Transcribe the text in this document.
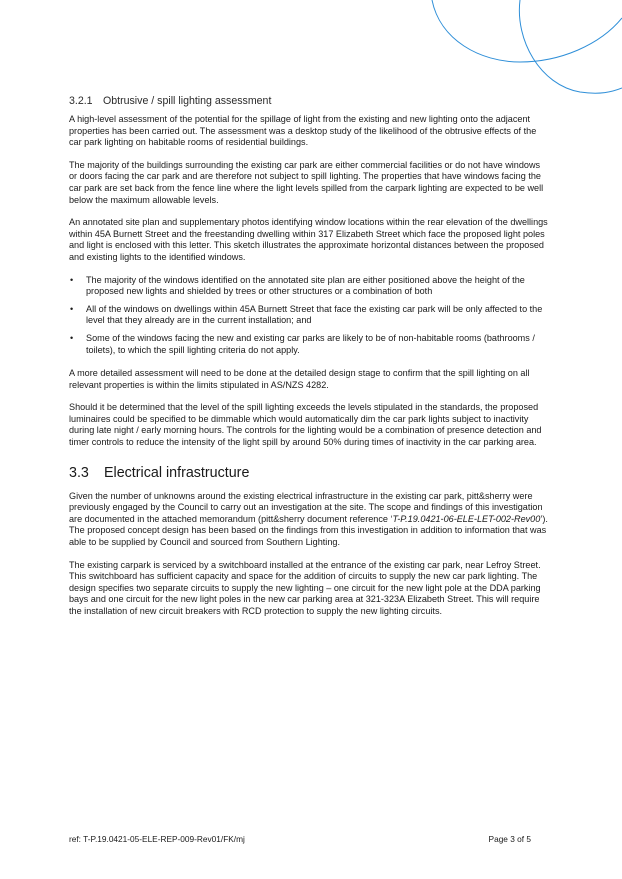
3.2.1 Obtrusive / spill lighting assessment

A high-level assessment of the potential for the spillage of light from the existing and new lighting onto the adjacent properties has been carried out. The assessment was a desktop study of the likelihood of the obtrusive effects of the car park lighting on habitable rooms of residential buildings.

The majority of the buildings surrounding the existing car park are either commercial facilities or do not have windows or doors facing the car park and are therefore not subject to spill lighting. The properties that have windows facing the car park are set back from the fence line where the light levels spilled from the carpark lighting are expected to be well below the maximum allowable levels.

An annotated site plan and supplementary photos identifying window locations within the rear elevation of the dwellings within 45A Burnett Street and the freestanding dwelling within 317 Elizabeth Street which face the proposed light poles and light is enclosed with this letter. This sketch illustrates the approximate horizontal distances between the proposed and existing lights to the identified windows.

• The majority of the windows identified on the annotated site plan are either positioned above the height of the proposed new lights and shielded by trees or other structures or a combination of both
• All of the windows on dwellings within 45A Burnett Street that face the existing car park will be only affected to the level that they already are in the current installation; and
• Some of the windows facing the new and existing car parks are likely to be of non-habitable rooms (bathrooms / toilets), to which the spill lighting criteria do not apply.

A more detailed assessment will need to be done at the detailed design stage to confirm that the spill lighting on all relevant properties is within the limits stipulated in AS/NZS 4282.

Should it be determined that the level of the spill lighting exceeds the levels stipulated in the standards, the proposed luminaires could be specified to be dimmable which would automatically dim the car park lights subject to inactivity during late night / early morning hours. The controls for the lighting would be a combination of presence detection and timer controls to reduce the intensity of the light spill by around 50% during times of inactivity in the car parking area.

3.3 Electrical infrastructure

Given the number of unknowns around the existing electrical infrastructure in the existing car park, pitt&sherry were previously engaged by the Council to carry out an investigation at the site. The scope and findings of this investigation are documented in the attached memorandum (pitt&sherry document reference ‘T-P.19.0421-06-ELE-LET-002-Rev00’). The proposed concept design has been based on the findings from this investigation in addition to information that was able to be supplied by Council and sourced from Southern Lighting.

The existing carpark is serviced by a switchboard installed at the entrance of the existing car park, near Lefroy Street. This switchboard has sufficient capacity and space for the addition of circuits to supply the new car park lighting. The design specifies two separate circuits to supply the new lighting – one circuit for the new light pole at the DDA parking bays and one circuit for the new light poles in the new car parking area at 321-323A Elizabeth Street. This will require the installation of new circuit breakers with RCD protection to supply the new lighting circuits.

ref: T-P.19.0421-05-ELE-REP-009-Rev01/FK/mj	Page 3 of 5
